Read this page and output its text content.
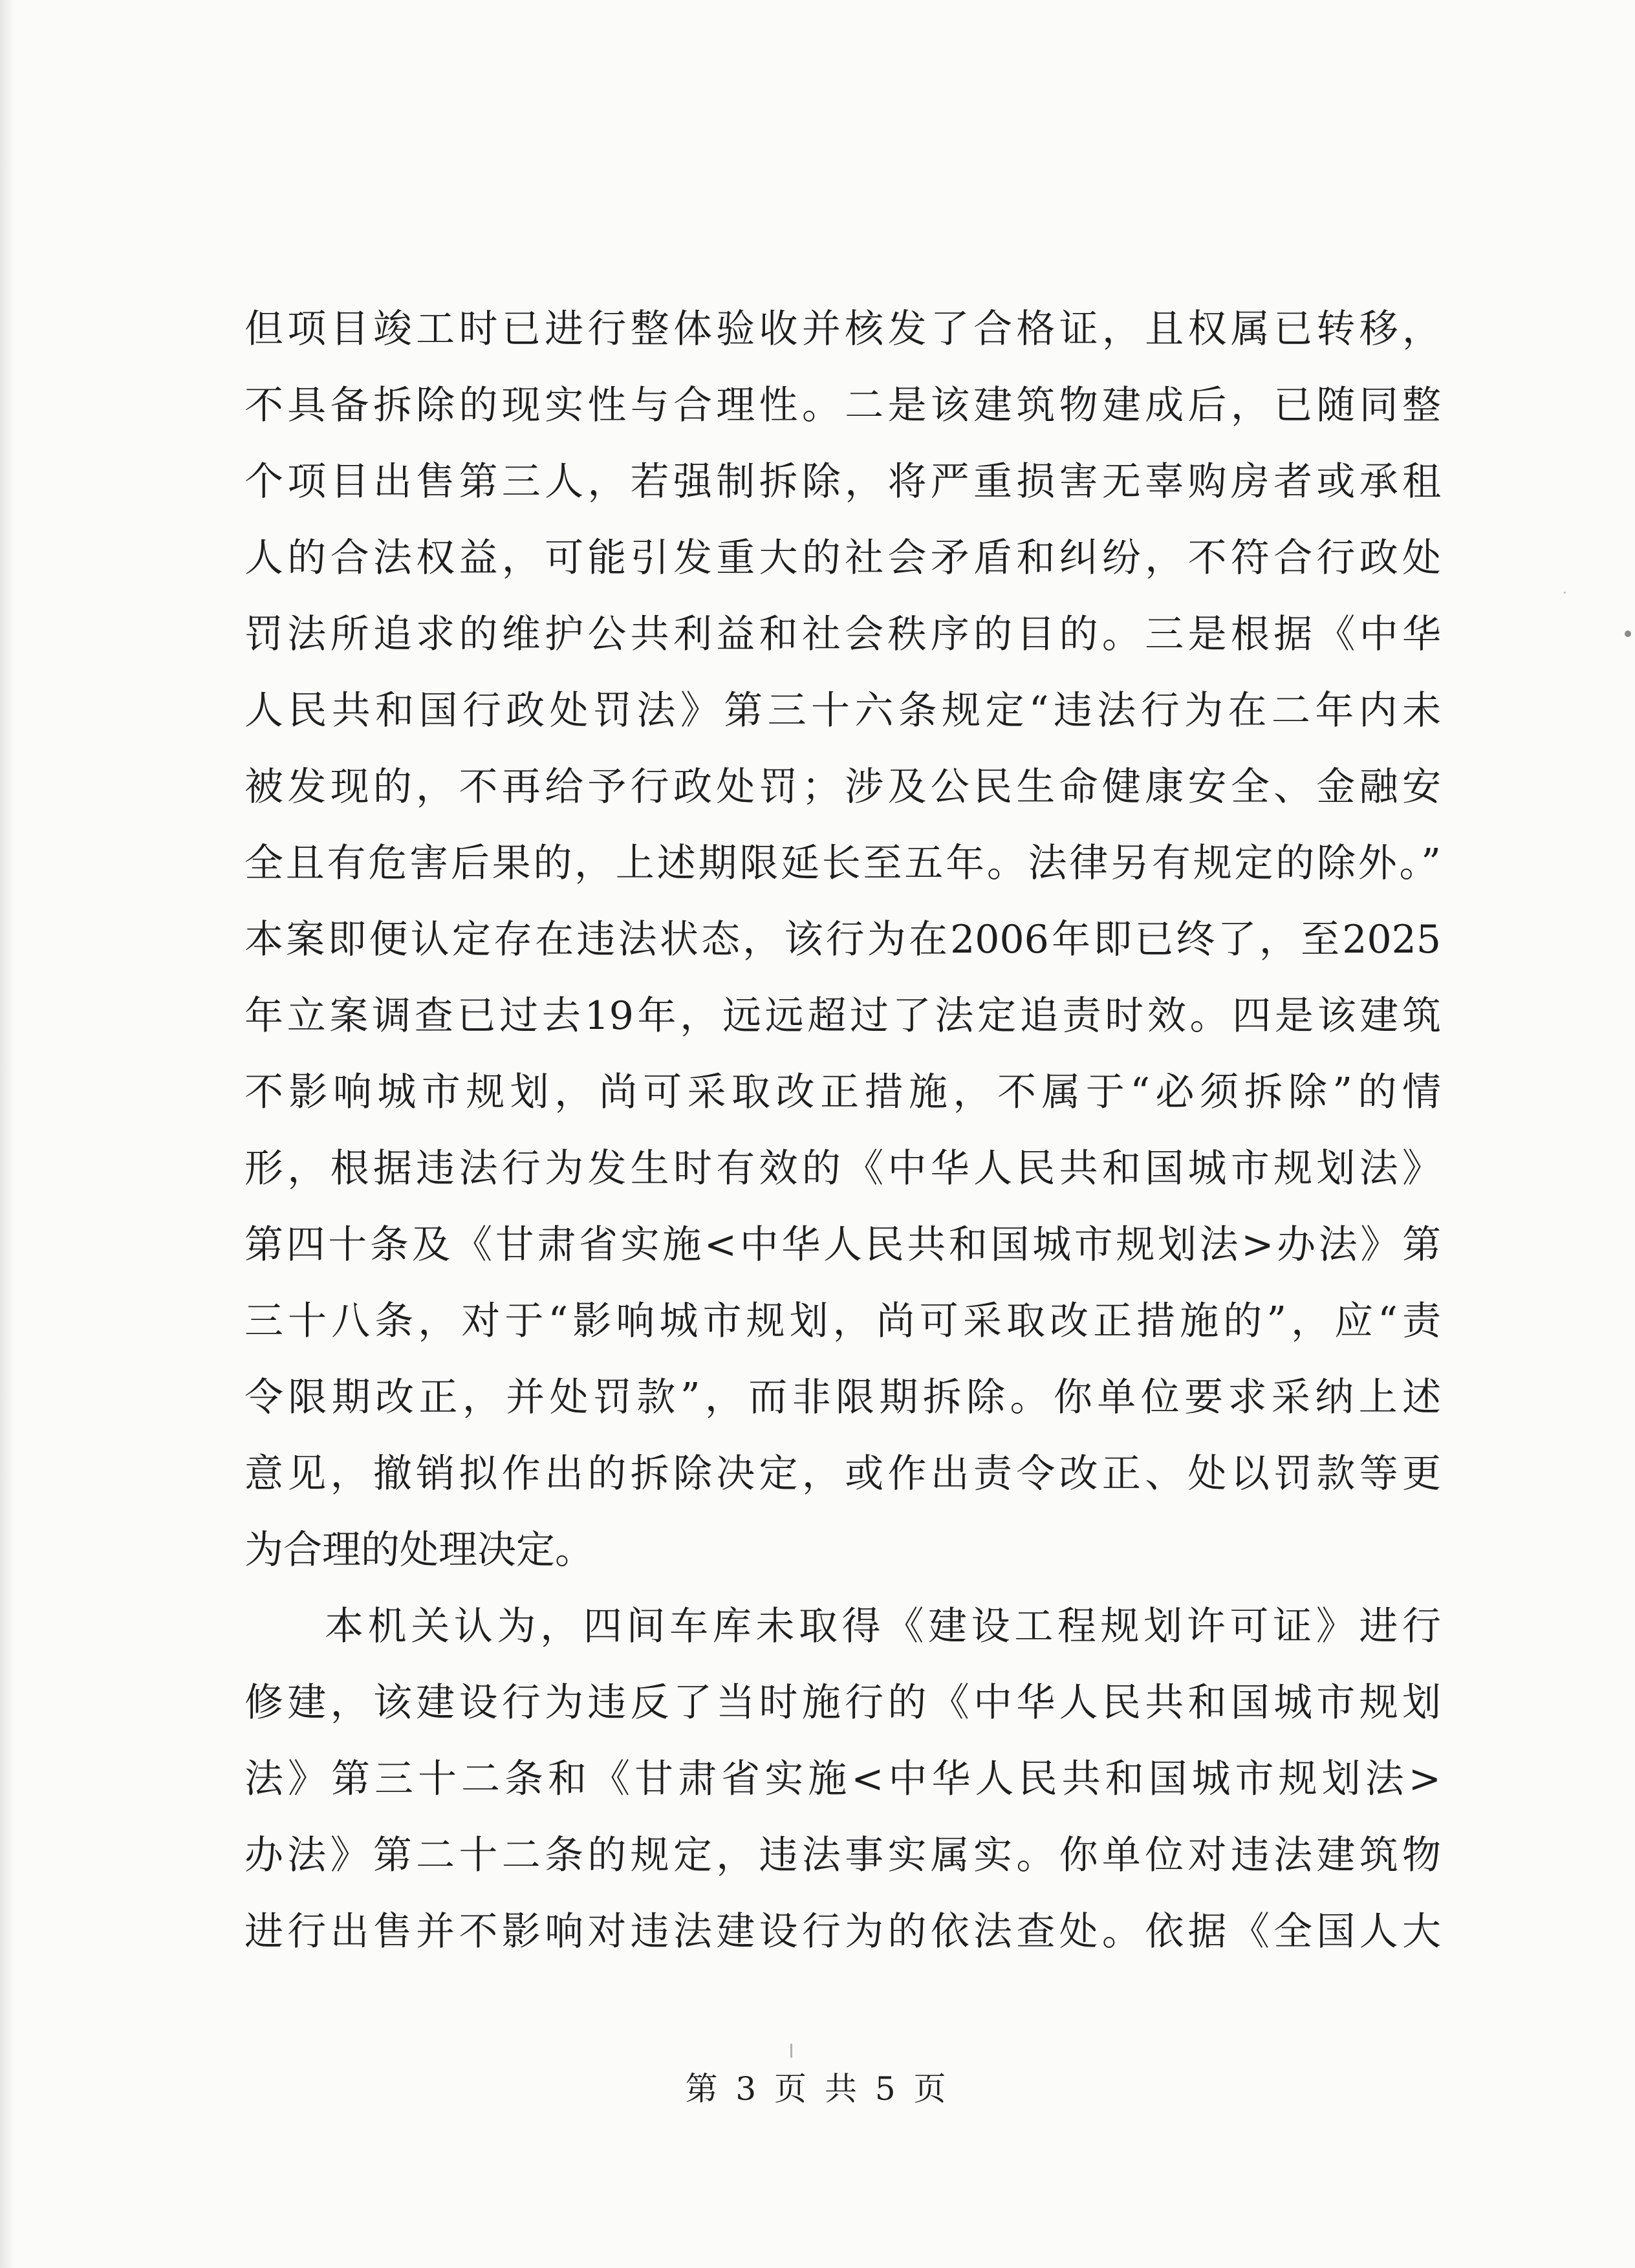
但项目竣工时已进行整体验收并核发了合格证，且权属已转移，
不具备拆除的现实性与合理性。二是该建筑物建成后，已随同整
个项目出售第三人，若强制拆除，将严重损害无辜购房者或承租
人的合法权益，可能引发重大的社会矛盾和纠纷，不符合行政处
罚法所追求的维护公共利益和社会秩序的目的。三是根据《中华
人民共和国行政处罚法》第三十六条规定“违法行为在二年内未
被发现的，不再给予行政处罚；涉及公民生命健康安全、金融安
全且有危害后果的，上述期限延长至五年。法律另有规定的除外。”
本案即便认定存在违法状态，该行为在2006年即已终了，至2025
年立案调查已过去19年，远远超过了法定追责时效。四是该建筑
不影响城市规划，尚可采取改正措施，不属于“必须拆除”的情
形，根据违法行为发生时有效的《中华人民共和国城市规划法》
第四十条及《甘肃省实施<中华人民共和国城市规划法>办法》第
三十八条，对于“影响城市规划，尚可采取改正措施的”，应“责
令限期改正，并处罚款”，而非限期拆除。你单位要求采纳上述
意见，撤销拟作出的拆除决定，或作出责令改正、处以罚款等更
为合理的处理决定。
本机关认为，四间车库未取得《建设工程规划许可证》进行
修建，该建设行为违反了当时施行的《中华人民共和国城市规划
法》第三十二条和《甘肃省实施<中华人民共和国城市规划法>
办法》第二十二条的规定，违法事实属实。你单位对违法建筑物
进行出售并不影响对违法建设行为的依法查处。依据《全国人大
第 3 页 共 5 页
